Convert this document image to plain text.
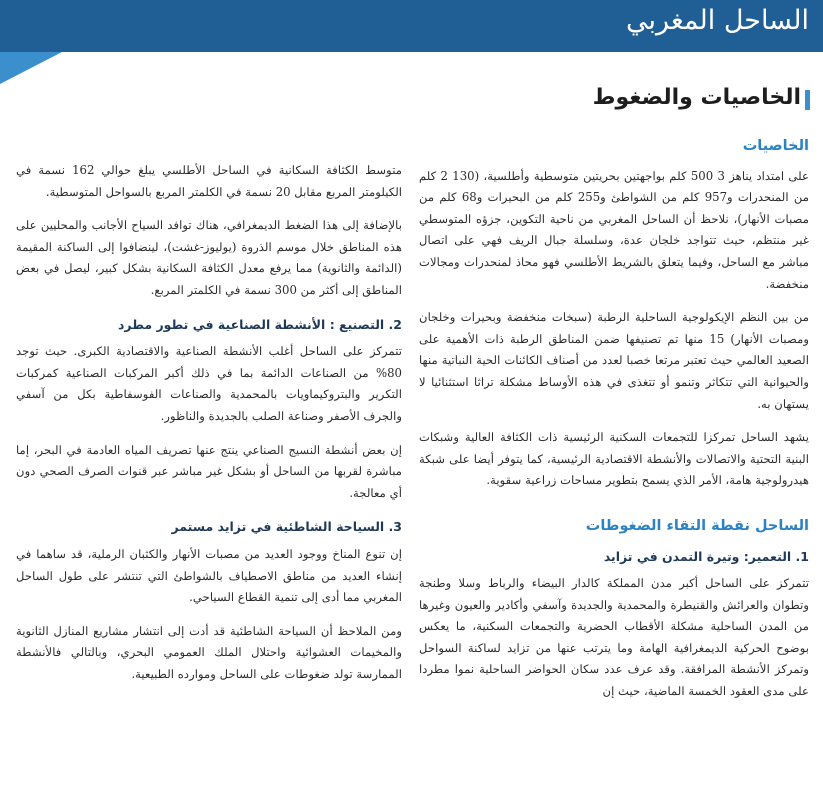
الساحل المغربي
الخاصيات والضغوط
الخاصيات

على امتداد يناهز 3 500 كلم بواجهتين بحريتين متوسطية وأطلسية، (130 2 كلم من المنحدرات و957 كلم من الشواطئ و255 كلم من البحيرات و68 كلم من مصبات الأنهار)، نلاحظ أن الساحل المغربي من ناحية التكوين، جزؤه المتوسطي غير منتظم، حيث تتواجد خلجان عدة، وسلسلة جبال الريف فهي على اتصال مباشر مع الساحل، وفيما يتعلق بالشريط الأطلسي فهو محاذ لمنحدرات ومجالات منخفضة.

من بين النظم الإيكولوجية الساحلية الرطبة (سبخات منخفضة وبحيرات وخلجان ومصبات الأنهار) 15 منها تم تصنيفها ضمن المناطق الرطبة ذات الأهمية على الصعيد العالمي حيث تعتبر مرتعا خصبا لعدد من أصناف الكائنات الحية النباتية منها والحيوانية التي تتكاثر وتنمو أو تتغذى في هذه الأوساط مشكلة تراثا استثنائيا لا يستهان به.

يشهد الساحل تمركزا للتجمعات السكنية الرئيسية ذات الكثافة العالية وشبكات البنية التحتية والاتصالات والأنشطة الاقتصادية الرئيسية، كما يتوفر أيضا على شبكة هيدرولوجية هامة، الأمر الذي يسمح بتطوير مساحات زراعية سقوية.

الساحل نقطة التقاء الضغوطات
1. التعمير: وتيرة التمدن في تزايد

تتمركز على الساحل أكبر مدن المملكة كالدار البيضاء والرباط وسلا وطنجة وتطوان والعرائش والقنيطرة والمحمدية والجديدة وآسفي وأكادير والعيون وغيرها من المدن الساحلية مشكلة الأقطاب الحضرية والتجمعات السكنية، ما يعكس بوضوح الحركية الديمغرافية الهامة وما يترتب عنها من تزايد لساكنة السواحل وتمركز الأنشطة المرافقة. وقد عرف عدد سكان الحواضر الساحلية نموا مطردا على مدى العقود الخمسة الماضية، حيث إن

متوسط الكثافة السكانية في الساحل الأطلسي يبلغ حوالي 162 نسمة في الكيلومتر المربع مقابل 20 نسمة في الكلمتر المربع بالسواحل المتوسطية.

بالإضافة إلى هذا الضغط الديمغرافي، هناك توافد السياح الأجانب والمحليين على هذه المناطق خلال موسم الذروة (يوليوز-غشت)، لينضافوا إلى الساكنة المقيمة (الدائمة والثانوية) مما يرفع معدل الكثافة السكانية بشكل كبير، ليصل في بعض المناطق إلى أكثر من 300 نسمة في الكلمتر المربع.

2. التصنيع : الأنشطة الصناعية في تطور مطرد

تتمركز على الساحل أغلب الأنشطة الصناعية والاقتصادية الكبرى. حيث توجد 80% من الصناعات الدائمة بما في ذلك أكبر المركبات الصناعية كمركبات التكرير والبتروكيماويات بالمحمدية والصناعات الفوسفاطية بكل من آسفي والجرف الأصفر وصناعة الصلب بالجديدة والناظور.

إن بعض أنشطة النسيج الصناعي ينتج عنها تصريف المياه العادمة في البحر، إما مباشرة لقربها من الساحل أو بشكل غير مباشر عبر قنوات الصرف الصحي دون أي معالجة.

3. السياحة الشاطئية في تزايد مستمر

إن تنوع المناخ ووجود العديد من مصبات الأنهار والكثبان الرملية، قد ساهما في إنشاء العديد من مناطق الاصطياف بالشواطئ التي تنتشر على طول الساحل المغربي مما أدى إلى تنمية القطاع السياحي.

ومن الملاحظ أن السياحة الشاطئية قد أدت إلى انتشار مشاريع المنازل الثانوية والمخيمات العشوائية واحتلال الملك العمومي البحري، وبالتالي فالأنشطة الممارسة تولد ضغوطات على الساحل وموارده الطبيعية.
